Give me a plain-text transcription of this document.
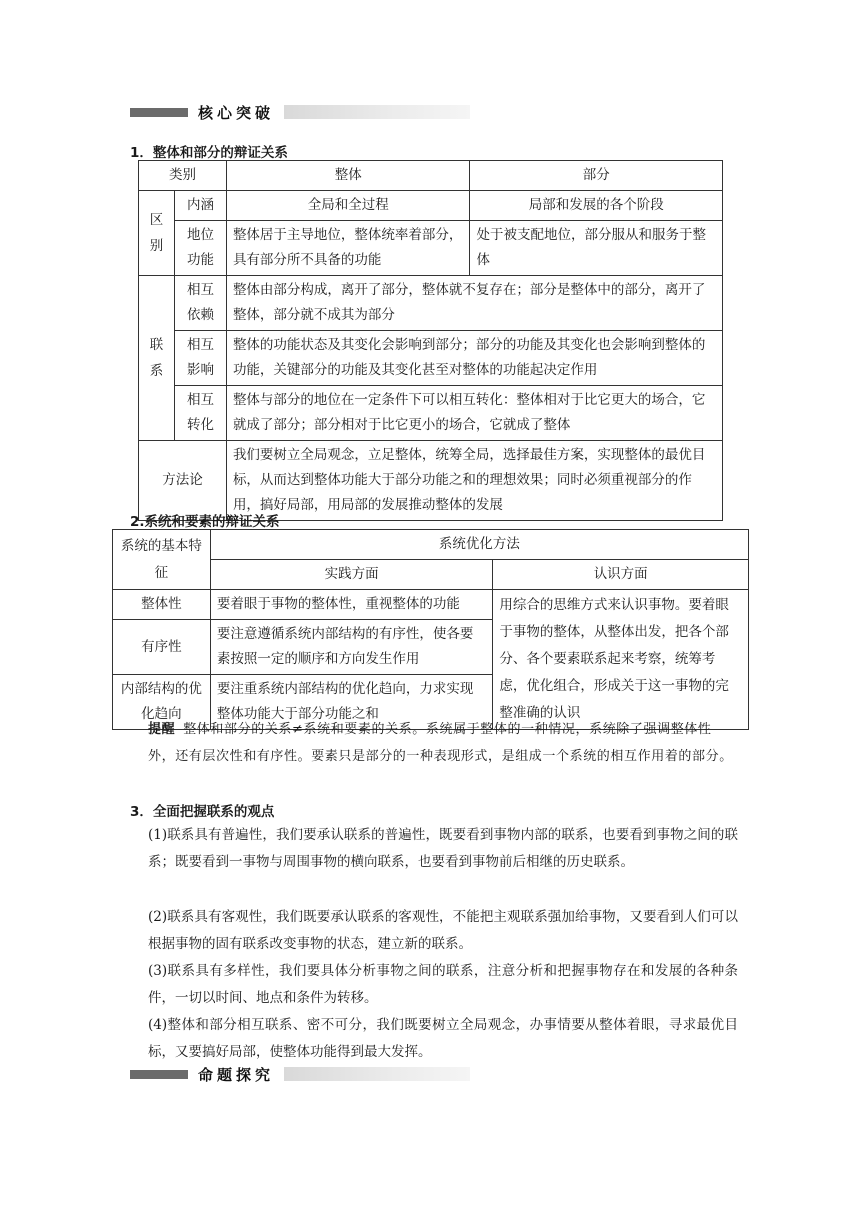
核心突破
1．整体和部分的辩证关系
类别		整体	部分
区别	内涵	全局和全过程	局部和发展的各个阶段
	地位功能	整体居于主导地位，整体统率着部分，具有部分所不具备的功能	处于被支配地位，部分服从和服务于整体
联系	相互依赖	整体由部分构成，离开了部分，整体就不复存在；部分是整体中的部分，离开了整体，部分就不成其为部分	
	相互影响	整体的功能状态及其变化会影响到部分；部分的功能及其变化也会影响到整体的功能，关键部分的功能及其变化甚至对整体的功能起决定作用	
	相互转化	整体与部分的地位在一定条件下可以相互转化：整体相对于比它更大的场合，它就成了部分；部分相对于比它更小的场合，它就成了整体	
方法论		我们要树立全局观念，立足整体，统筹全局，选择最佳方案，实现整体的最优目标，从而达到整体功能大于部分功能之和的理想效果；同时必须重视部分的作用，搞好局部，用局部的发展推动整体的发展	
2.系统和要素的辩证关系
系统的基本特征	系统优化方法	
	实践方面	认识方面
整体性	要着眼于事物的整体性，重视整体的功能	用综合的思维方式来认识事物。要着眼于事物的整体，从整体出发，把各个部分、各个要素联系起来考察，统筹考虑，优化组合，形成关于这一事物的完整准确的认识
有序性	要注意遵循系统内部结构的有序性，使各要素按照一定的顺序和方向发生作用	
内部结构的优化趋向	要注重系统内部结构的优化趋向，力求实现整体功能大于部分功能之和	
提醒 整体和部分的关系≠系统和要素的关系。系统属于整体的一种情况，系统除了强调整体性外，还有层次性和有序性。要素只是部分的一种表现形式，是组成一个系统的相互作用着的部分。
3．全面把握联系的观点
(1)联系具有普遍性，我们要承认联系的普遍性，既要看到事物内部的联系，也要看到事物之间的联系；既要看到一事物与周围事物的横向联系，也要看到事物前后相继的历史联系。
(2)联系具有客观性，我们既要承认联系的客观性，不能把主观联系强加给事物，又要看到人们可以根据事物的固有联系改变事物的状态，建立新的联系。
(3)联系具有多样性，我们要具体分析事物之间的联系，注意分析和把握事物存在和发展的各种条件，一切以时间、地点和条件为转移。
(4)整体和部分相互联系、密不可分，我们既要树立全局观念，办事情要从整体着眼，寻求最优目标，又要搞好局部，使整体功能得到最大发挥。
命题探究
